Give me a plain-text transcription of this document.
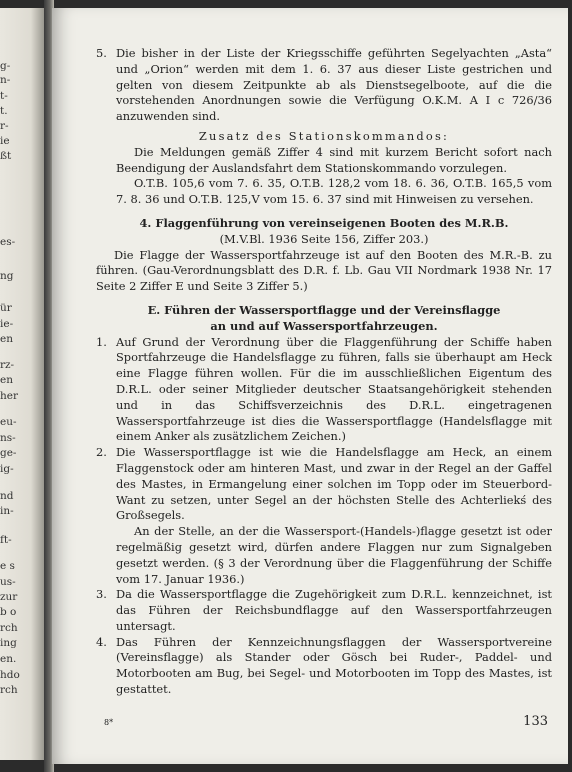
g-
n-
t-
t.
r-
ie
ßt
es-
ng
ür
ie-
en
rz-
en
her
eu-
ns-
ge-
ig-
nd
in-
ft-
e s
us-
zur
b o
rch
ing
en.
hdo
rch

5. Die bisher in der Liste der Kriegsschiffe geführten Segelyachten „Asta“ und „Orion“ werden mit dem 1. 6. 37 aus dieser Liste gestrichen und gelten von diesem Zeitpunkte ab als Dienstsegelboote, auf die die vorstehenden Anordnungen sowie die Verfügung O.K.M. A I c 726/36 anzuwenden sind.

Zusatz des Stationskommandos:

Die Meldungen gemäß Ziffer 4 sind mit kurzem Bericht sofort nach Beendigung der Auslandsfahrt dem Stationskommando vorzulegen.

O.T.B. 105,6 vom 7. 6. 35, O.T.B. 128,2 vom 18. 6. 36, O.T.B. 165,5 vom 7. 8. 36 und O.T.B. 125,V vom 15. 6. 37 sind mit Hinweisen zu versehen.

4. Flaggenführung von vereinseigenen Booten des M.R.B.
(M.V.Bl. 1936 Seite 156, Ziffer 203.)

Die Flagge der Wassersportfahrzeuge ist auf den Booten des M.R.-B. zu führen. (Gau-Verordnungsblatt des D.R. f. Lb. Gau VII Nordmark 1938 Nr. 17 Seite 2 Ziffer E und Seite 3 Ziffer 5.)

E. Führen der Wassersportflagge und der Vereinsflagge
an und auf Wassersportfahrzeugen.

1. Auf Grund der Verordnung über die Flaggenführung der Schiffe haben Sportfahrzeuge die Handelsflagge zu führen, falls sie überhaupt am Heck eine Flagge führen wollen. Für die im ausschließlichen Eigentum des D.R.L. oder seiner Mitglieder deutscher Staatsangehörigkeit stehenden und in das Schiffsverzeichnis des D.R.L. eingetragenen Wassersportfahrzeuge ist dies die Wassersportflagge (Handelsflagge mit einem Anker als zusätzlichem Zeichen.)

2. Die Wassersportflagge ist wie die Handelsflagge am Heck, an einem Flaggenstock oder am hinteren Mast, und zwar in der Regel an der Gaffel des Mastes, in Ermangelung einer solchen im Topp oder im Steuerbord-Want zu setzen, unter Segel an der höchsten Stelle des Achterliekś des Großsegels.

An der Stelle, an der die Wassersport-(Handels-)flagge gesetzt ist oder regelmäßig gesetzt wird, dürfen andere Flaggen nur zum Signalgeben gesetzt werden. (§ 3 der Verordnung über die Flaggenführung der Schiffe vom 17. Januar 1936.)

3. Da die Wassersportflagge die Zugehörigkeit zum D.R.L. kennzeichnet, ist das Führen der Reichsbundflagge auf den Wassersportfahrzeugen untersagt.

4. Das Führen der Kennzeichnungsflaggen der Wassersportvereine (Vereinsflagge) als Stander oder Gösch bei Ruder-, Paddel- und Motorbooten am Bug, bei Segel- und Motorbooten im Topp des Mastes, ist gestattet.

8*	133
